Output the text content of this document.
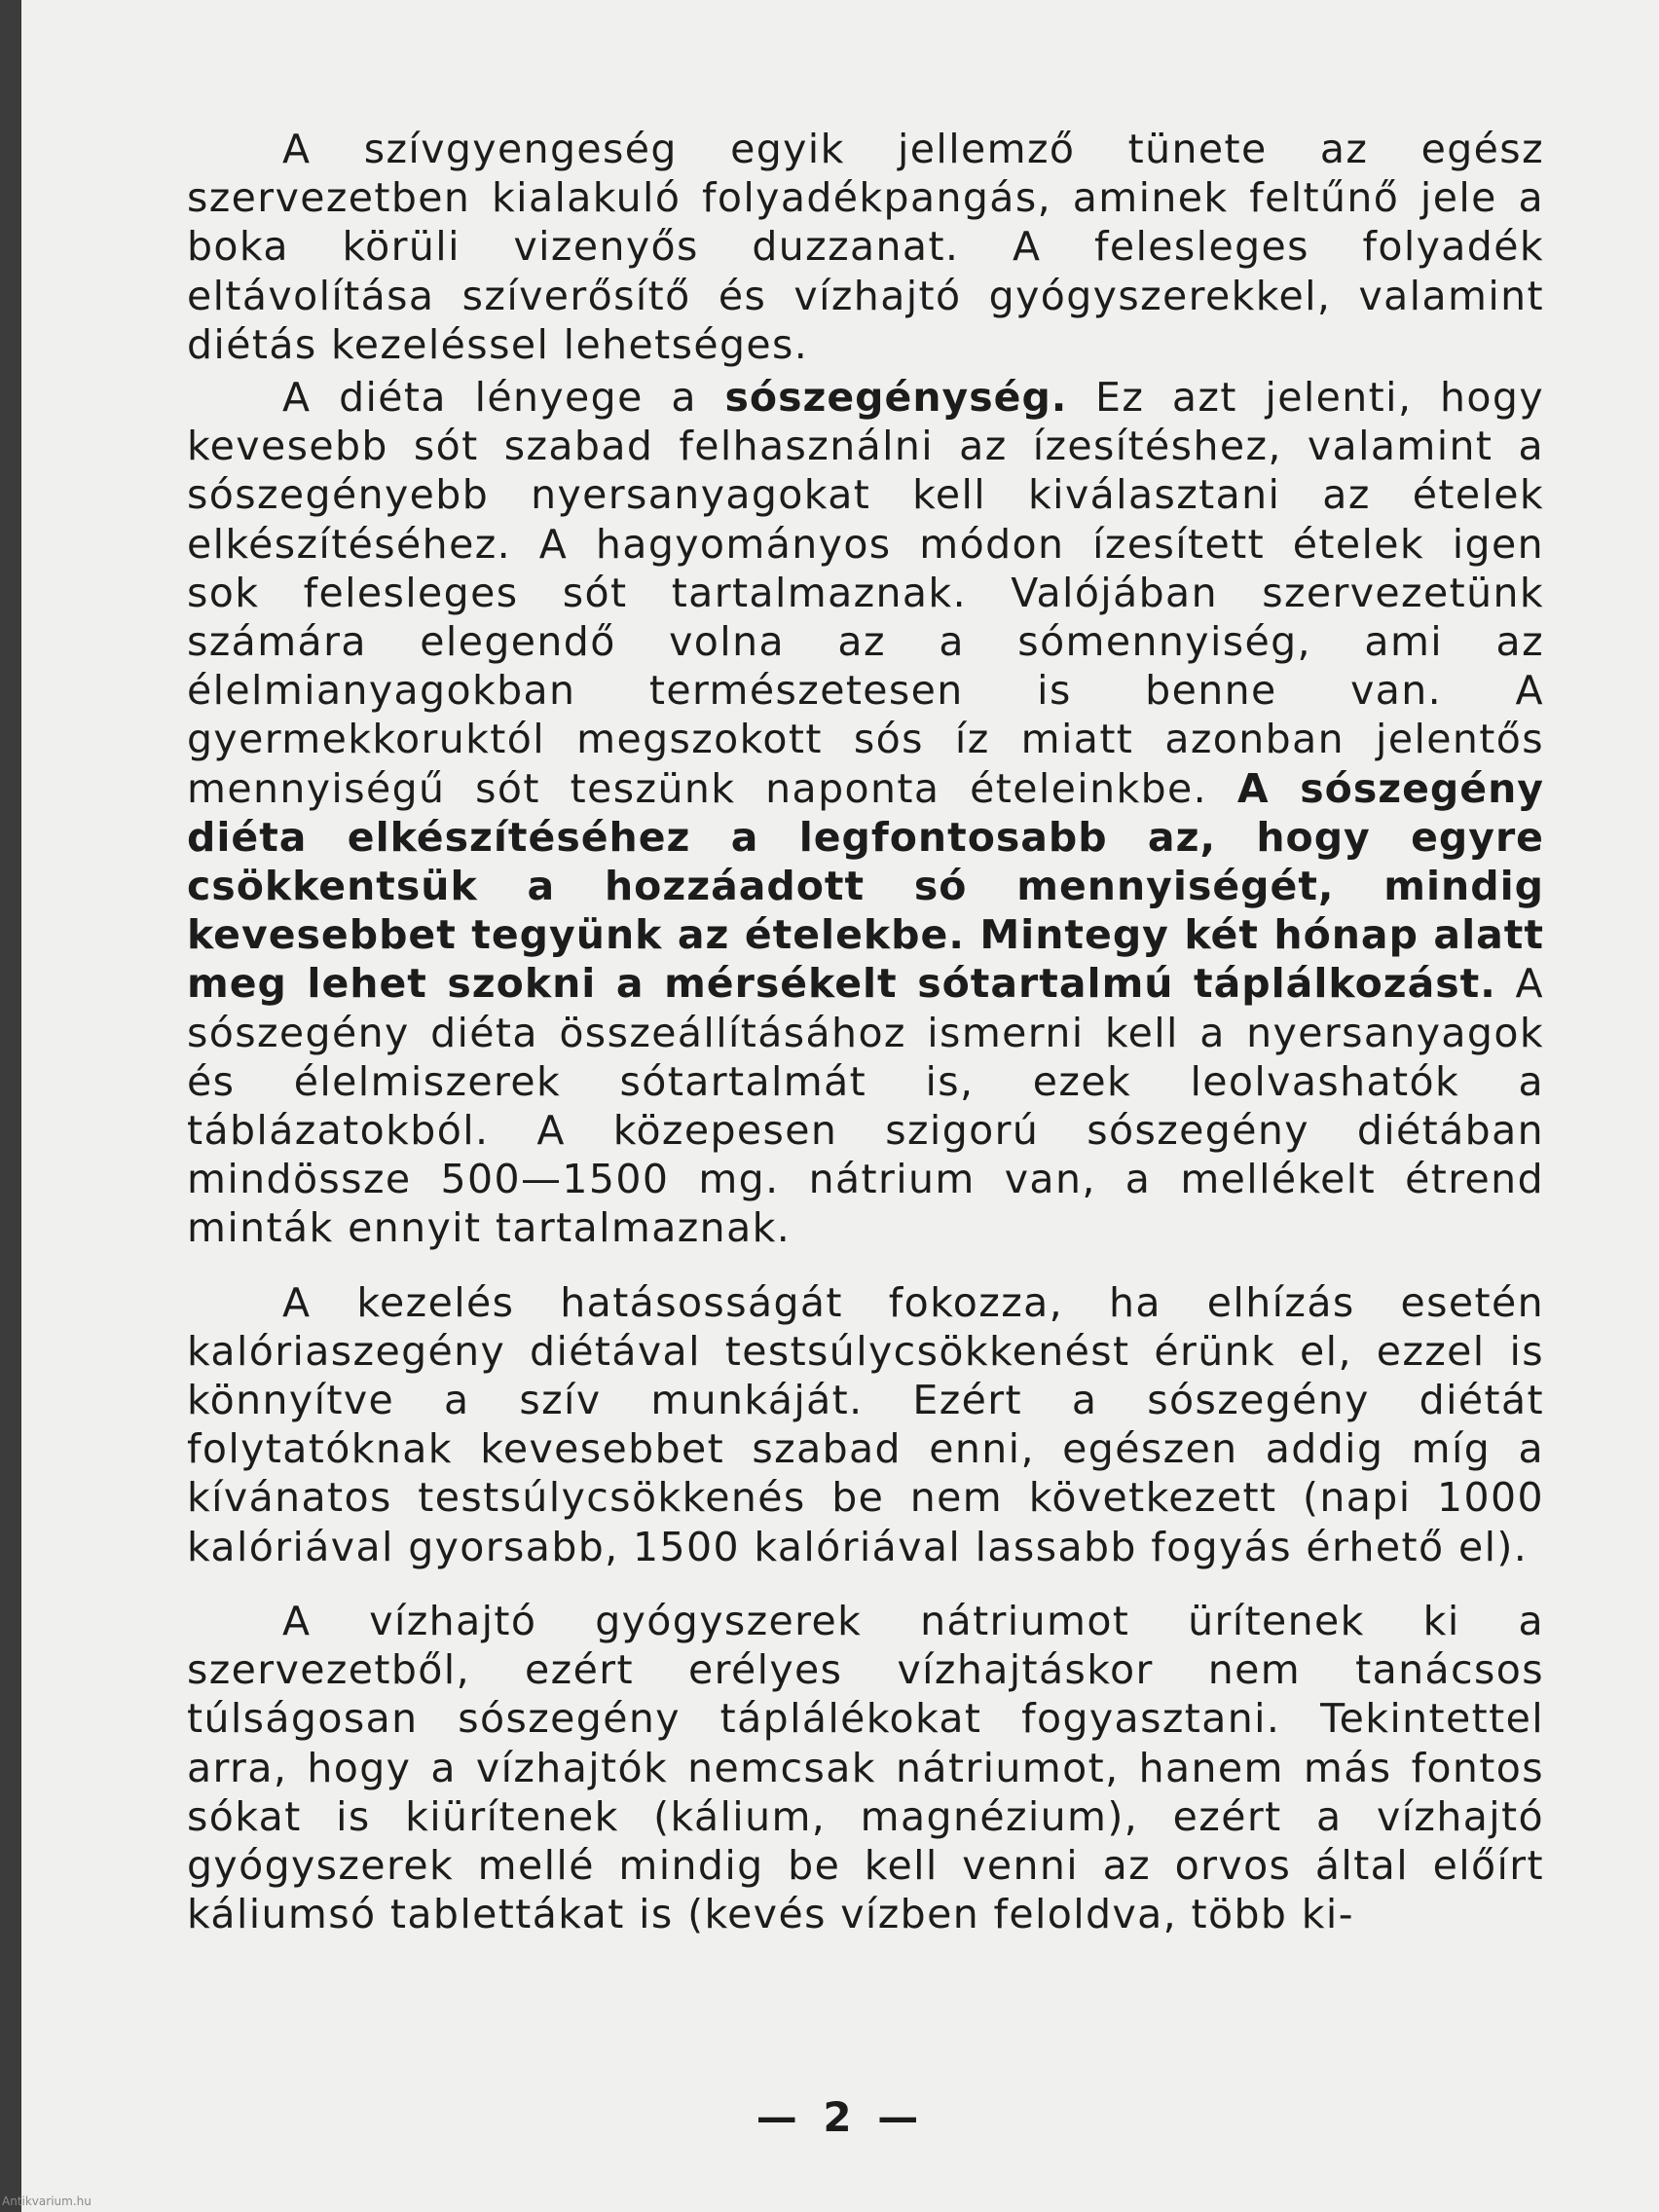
A szívgyengeség egyik jellemző tünete az egész szervezetben kialakuló folyadékpangás, aminek feltűnő jele a boka körüli vizenyős duzzanat. A felesleges folyadék eltávolítása szíverősítő és vízhajtó gyógyszerekkel, valamint diétás kezeléssel lehetséges.

A diéta lényege a sószegénység. Ez azt jelenti, hogy kevesebb sót szabad felhasználni az ízesítéshez, valamint a sószegényebb nyersanyagokat kell kiválasztani az ételek elkészítéséhez. A hagyományos módon ízesített ételek igen sok felesleges sót tartalmaznak. Valójában szervezetünk számára elegendő volna az a sómennyiség, ami az élelmianyagokban természetesen is benne van. A gyermekkoruktól megszokott sós íz miatt azonban jelentős mennyiségű sót teszünk naponta ételeinkbe. A sószegény diéta elkészítéséhez a legfontosabb az, hogy egyre csökkentsük a hozzáadott só mennyiségét, mindig kevesebbet tegyünk az ételekbe. Mintegy két hónap alatt meg lehet szokni a mérsékelt sótartalmú táplálkozást. A sószegény diéta összeállításához ismerni kell a nyersanyagok és élelmiszerek sótartalmát is, ezek leolvashatók a táblázatokból. A közepesen szigorú sószegény diétában mindössze 500—1500 mg. nátrium van, a mellékelt étrend minták ennyit tartalmaznak.

A kezelés hatásosságát fokozza, ha elhízás esetén kalóriaszegény diétával testsúlycsökkenést érünk el, ezzel is könnyítve a szív munkáját. Ezért a sószegény diétát folytatóknak kevesebbet szabad enni, egészen addig míg a kívánatos testsúlycsökkenés be nem következett (napi 1000 kalóriával gyorsabb, 1500 kalóriával lassabb fogyás érhető el).

A vízhajtó gyógyszerek nátriumot ürítenek ki a szervezetből, ezért erélyes vízhajtáskor nem tanácsos túlságosan sószegény táplálékokat fogyasztani. Tekintettel arra, hogy a vízhajtók nemcsak nátriumot, hanem más fontos sókat is kiürítenek (kálium, magnézium), ezért a vízhajtó gyógyszerek mellé mindig be kell venni az orvos által előírt káliumsó tablettákat is (kevés vízben feloldva, több ki-

— 2 —
Antikvarium.hu
